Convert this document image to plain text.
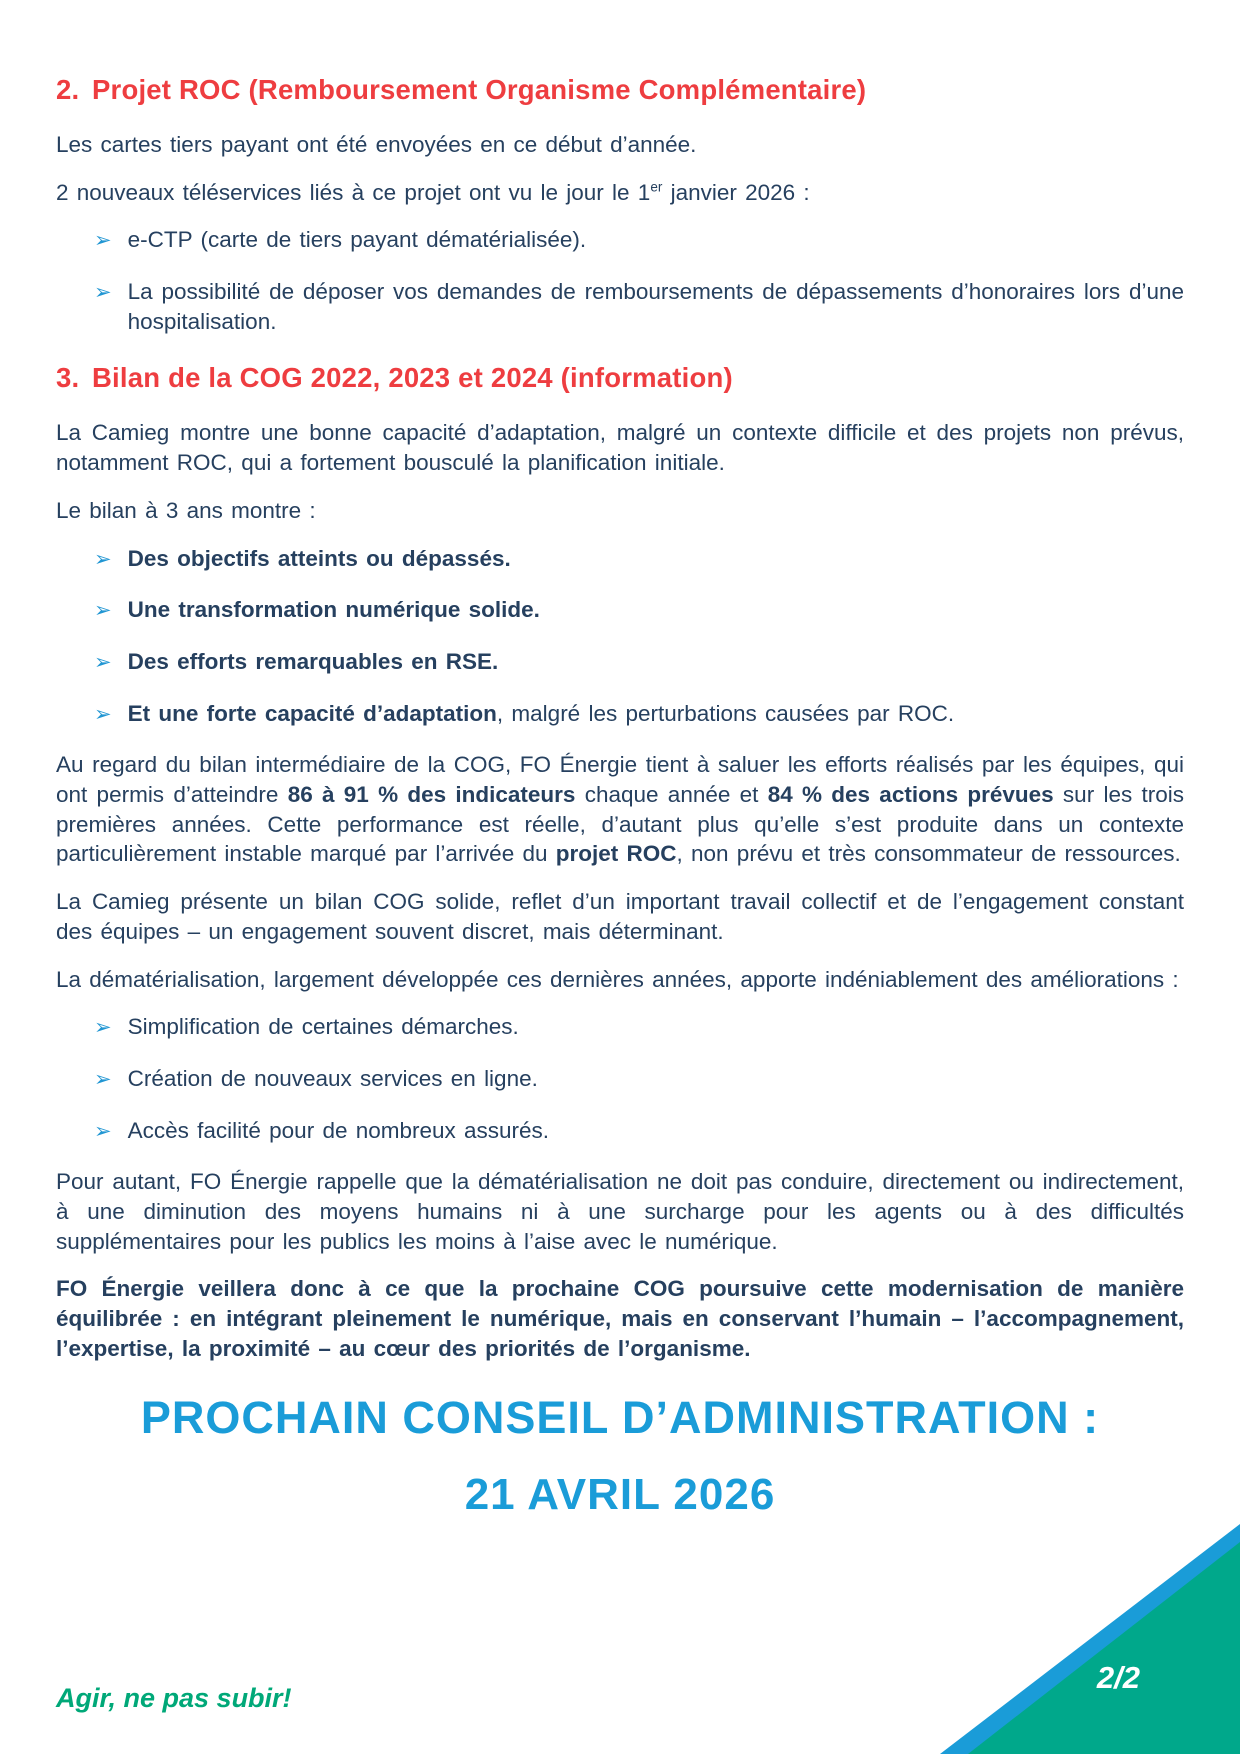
2. Projet ROC (Remboursement Organisme Complémentaire)

Les cartes tiers payant ont été envoyées en ce début d’année.

2 nouveaux téléservices liés à ce projet ont vu le jour le 1er janvier 2026 :

➢ e-CTP (carte de tiers payant dématérialisée).
➢ La possibilité de déposer vos demandes de remboursements de dépassements d’honoraires lors d’une hospitalisation.
3. Bilan de la COG 2022, 2023 et 2024 (information)

La Camieg montre une bonne capacité d’adaptation, malgré un contexte difficile et des projets non prévus, notamment ROC, qui a fortement bousculé la planification initiale.

Le bilan à 3 ans montre :

➢ Des objectifs atteints ou dépassés.
➢ Une transformation numérique solide.
➢ Des efforts remarquables en RSE.
➢ Et une forte capacité d’adaptation, malgré les perturbations causées par ROC.

Au regard du bilan intermédiaire de la COG, FO Énergie tient à saluer les efforts réalisés par les équipes, qui ont permis d’atteindre 86 à 91 % des indicateurs chaque année et 84 % des actions prévues sur les trois premières années. Cette performance est réelle, d’autant plus qu’elle s’est produite dans un contexte particulièrement instable marqué par l’arrivée du projet ROC, non prévu et très consommateur de ressources.

La Camieg présente un bilan COG solide, reflet d’un important travail collectif et de l’engagement constant des équipes – un engagement souvent discret, mais déterminant.

La dématérialisation, largement développée ces dernières années, apporte indéniablement des améliorations :

➢ Simplification de certaines démarches.
➢ Création de nouveaux services en ligne.
➢ Accès facilité pour de nombreux assurés.

Pour autant, FO Énergie rappelle que la dématérialisation ne doit pas conduire, directement ou indirectement, à une diminution des moyens humains ni à une surcharge pour les agents ou à des difficultés supplémentaires pour les publics les moins à l’aise avec le numérique.

FO Énergie veillera donc à ce que la prochaine COG poursuive cette modernisation de manière équilibrée : en intégrant pleinement le numérique, mais en conservant l’humain – l’accompagnement, l’expertise, la proximité – au cœur des priorités de l’organisme.

PROCHAIN CONSEIL D’ADMINISTRATION :
21 AVRIL 2026
Agir, ne pas subir!
2/2
